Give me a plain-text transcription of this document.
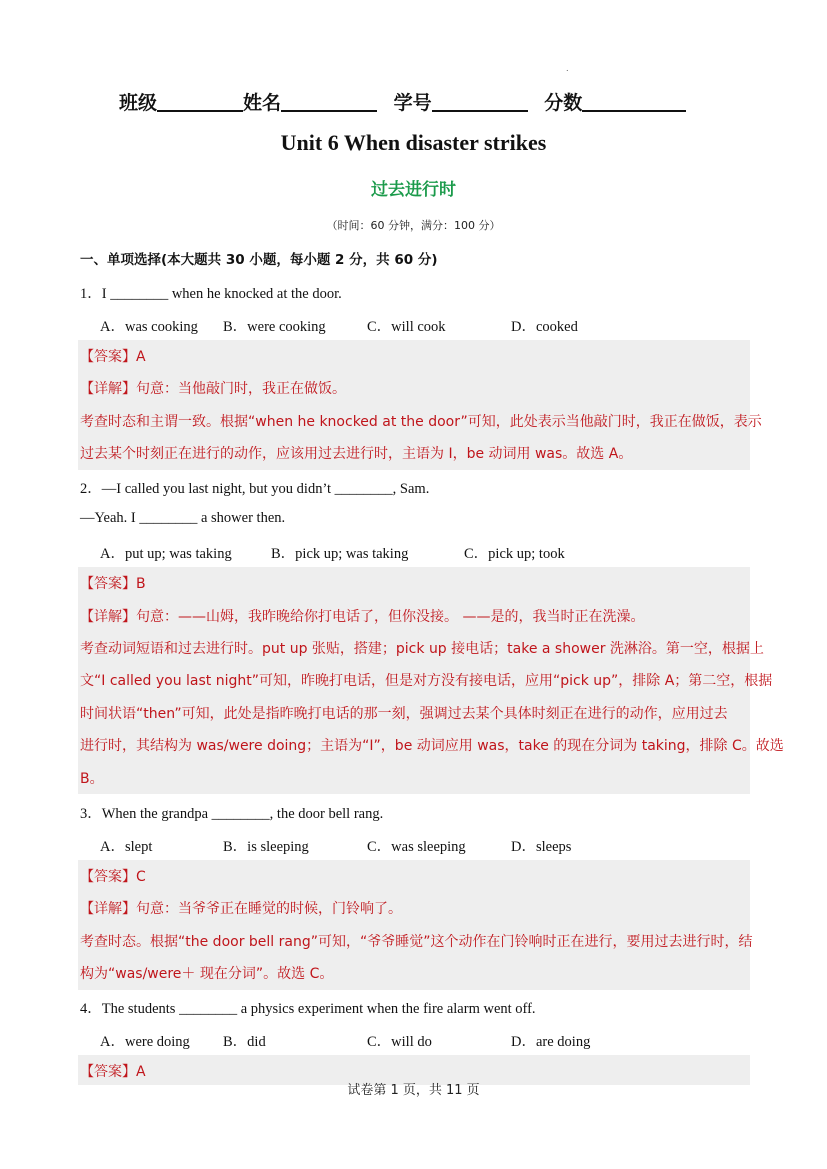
.
班级	姓名	学号	分数
Unit 6 When disaster strikes
过去进行时
（时间：60 分钟，满分：100 分）
一、单项选择(本大题共 30 小题，每小题 2 分，共 60 分)
1．I ________ when he knocked at the door.
A．was cooking B．were cooking	C．will cook	D．cooked
【答案】A
【详解】句意：当他敲门时，我正在做饭。
考查时态和主谓一致。根据“when he knocked at the door”可知，此处表示当他敲门时，我正在做饭，表示
过去某个时刻正在进行的动作，应该用过去进行时，主语为 I，be 动词用 was。故选 A。
2．—I called you last night, but you didn’t ________, Sam.
—Yeah. I ________ a shower then.
A．put up; was taking	B．pick up; was taking	C．pick up; took
【答案】B
【详解】句意：——山姆，我昨晚给你打电话了，但你没接。 ——是的，我当时正在洗澡。
考查动词短语和过去进行时。put up 张贴，搭建；pick up 接电话；take a shower 洗淋浴。第一空，根据上
文“I called you last night”可知，昨晚打电话，但是对方没有接电话，应用“pick up”，排除 A；第二空，根据
时间状语“then”可知，此处是指昨晚打电话的那一刻，强调过去某个具体时刻正在进行的动作，应用过去
进行时，其结构为 was/were doing；主语为“I”，be 动词应用 was，take 的现在分词为 taking，排除 C。故选
B。
3．When the grandpa ________, the door bell rang.
A．slept	B．is sleeping	C．was sleeping	D．sleeps
【答案】C
【详解】句意：当爷爷正在睡觉的时候，门铃响了。
考查时态。根据“the door bell rang”可知，“爷爷睡觉”这个动作在门铃响时正在进行，要用过去进行时，结
构为“was/were＋ 现在分词”。故选 C。
4．The students ________ a physics experiment when the fire alarm went off.
A．were doing B．did	C．will do	D．are doing
【答案】A
试卷第 1 页，共 11 页
